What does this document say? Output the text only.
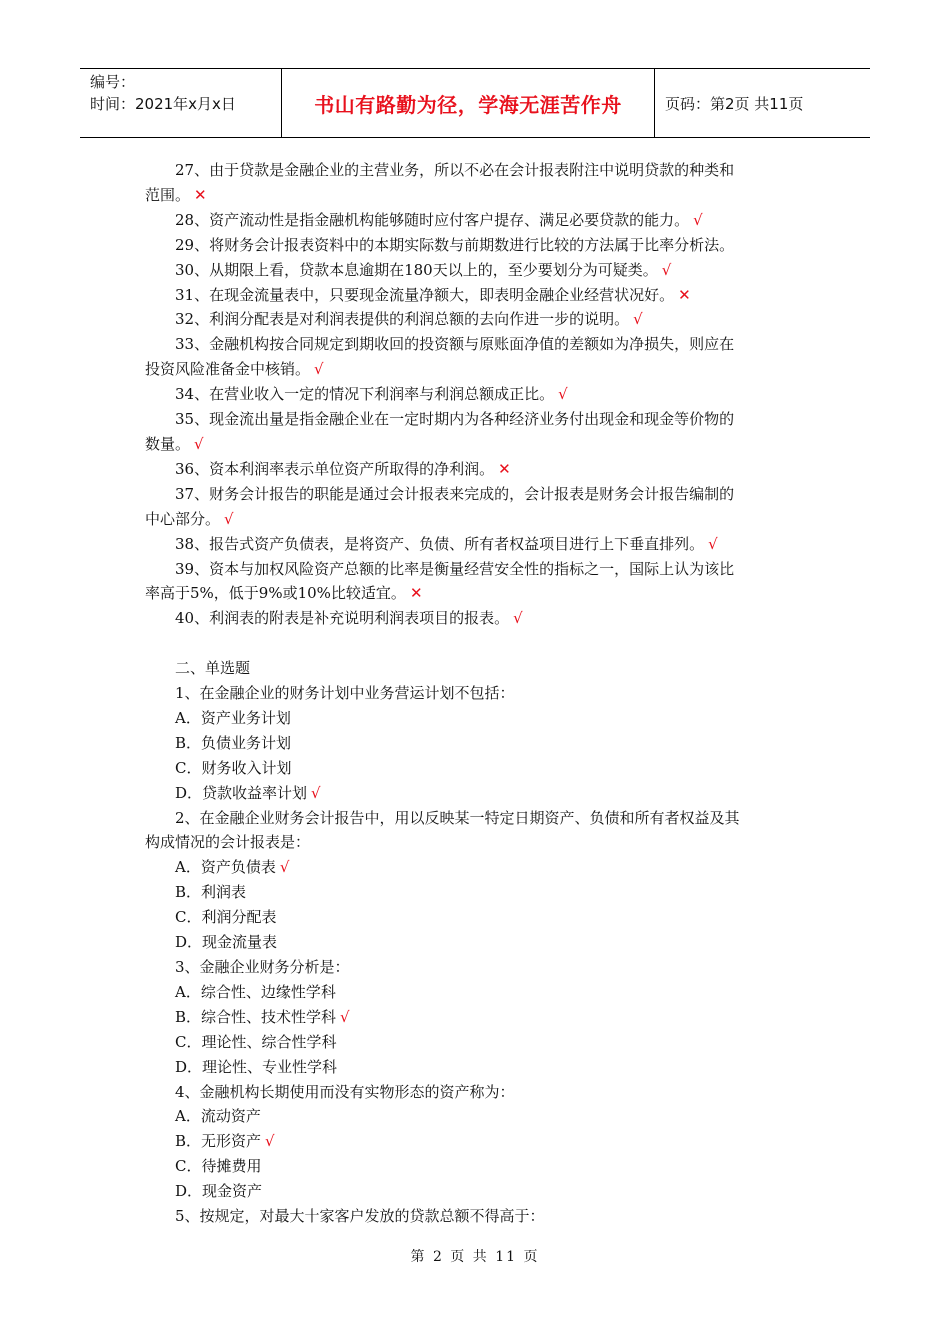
编号：
时间：2021年x月x日	书山有路勤为径，学海无涯苦作舟	页码：第2页 共11页
27、由于贷款是金融企业的主营业务，所以不必在会计报表附注中说明贷款的种类和
范围。 ✕
28、资产流动性是指金融机构能够随时应付客户提存、满足必要贷款的能力。 √
29、将财务会计报表资料中的本期实际数与前期数进行比较的方法属于比率分析法。
30、从期限上看，贷款本息逾期在180天以上的，至少要划分为可疑类。 √
31、在现金流量表中，只要现金流量净额大，即表明金融企业经营状况好。 ✕
32、利润分配表是对利润表提供的利润总额的去向作进一步的说明。 √
33、金融机构按合同规定到期收回的投资额与原账面净值的差额如为净损失，则应在
投资风险准备金中核销。 √
34、在营业收入一定的情况下利润率与利润总额成正比。 √
35、现金流出量是指金融企业在一定时期内为各种经济业务付出现金和现金等价物的
数量。 √
36、资本利润率表示单位资产所取得的净利润。 ✕
37、财务会计报告的职能是通过会计报表来完成的，会计报表是财务会计报告编制的
中心部分。 √
38、报告式资产负债表，是将资产、负债、所有者权益项目进行上下垂直排列。 √
39、资本与加权风险资产总额的比率是衡量经营安全性的指标之一，国际上认为该比
率高于5%，低于9%或10%比较适宜。 ✕
40、利润表的附表是补充说明利润表项目的报表。 √
二、单选题
1、在金融企业的财务计划中业务营运计划不包括：
A．资产业务计划
B．负债业务计划
C．财务收入计划
D．贷款收益率计划 √
2、在金融企业财务会计报告中，用以反映某一特定日期资产、负债和所有者权益及其
构成情况的会计报表是：
A．资产负债表 √
B．利润表
C．利润分配表
D．现金流量表
3、金融企业财务分析是：
A．综合性、边缘性学科
B．综合性、技术性学科 √
C．理论性、综合性学科
D．理论性、专业性学科
4、金融机构长期使用而没有实物形态的资产称为：
A．流动资产
B．无形资产 √
C．待摊费用
D．现金资产
5、按规定，对最大十家客户发放的贷款总额不得高于：
第 2 页 共 11 页
